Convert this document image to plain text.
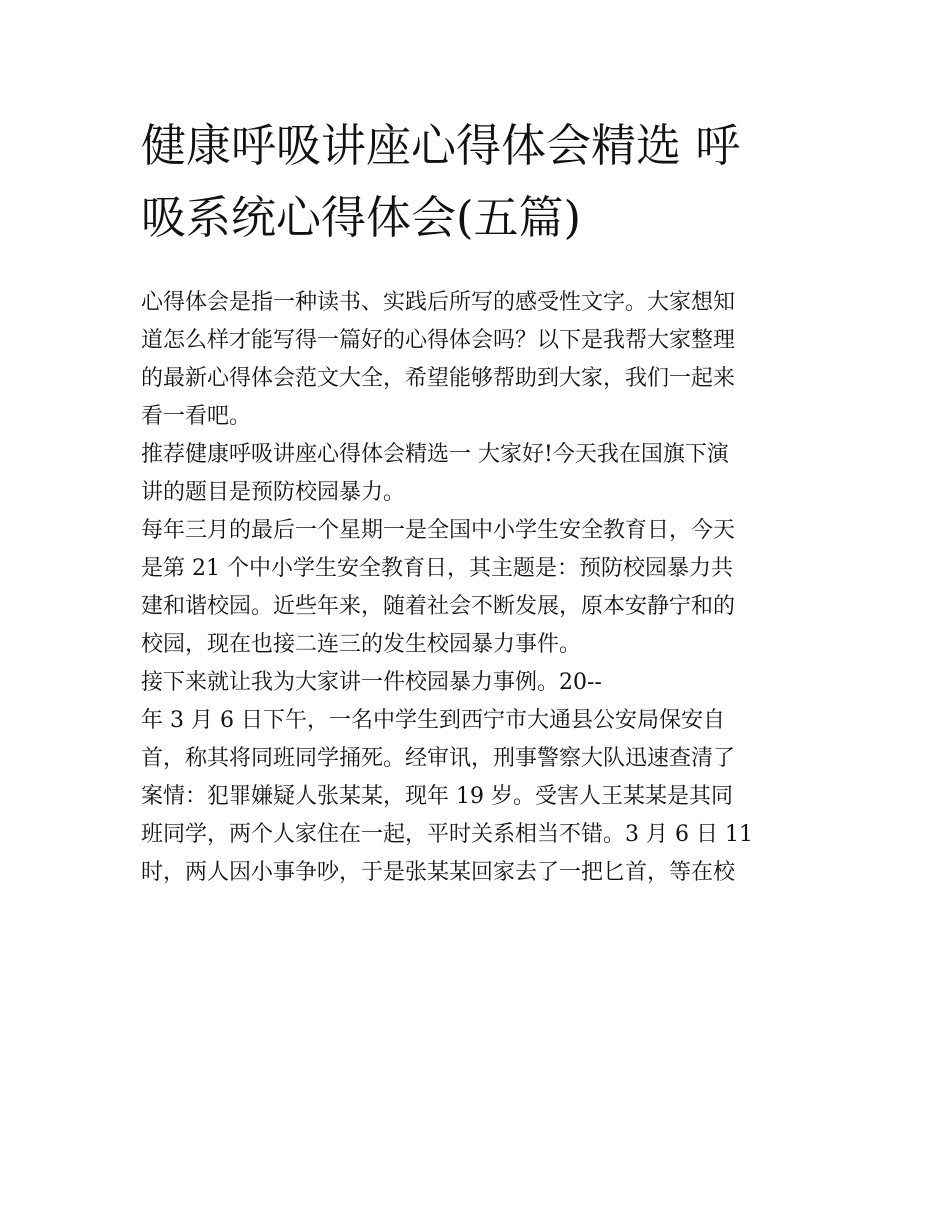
健康呼吸讲座心得体会精选 呼
吸系统心得体会(五篇)
心得体会是指一种读书、实践后所写的感受性文字。大家想知
道怎么样才能写得一篇好的心得体会吗？以下是我帮大家整理
的最新心得体会范文大全，希望能够帮助到大家，我们一起来
看一看吧。
推荐健康呼吸讲座心得体会精选一 大家好!今天我在国旗下演
讲的题目是预防校园暴力。
每年三月的最后一个星期一是全国中小学生安全教育日，今天
是第 21 个中小学生安全教育日，其主题是：预防校园暴力共
建和谐校园。近些年来，随着社会不断发展，原本安静宁和的
校园，现在也接二连三的发生校园暴力事件。
接下来就让我为大家讲一件校园暴力事例。20--
年 3 月 6 日下午，一名中学生到西宁市大通县公安局保安自
首，称其将同班同学捅死。经审讯，刑事警察大队迅速查清了
案情：犯罪嫌疑人张某某，现年 19 岁。受害人王某某是其同
班同学，两个人家住在一起，平时关系相当不错。3 月 6 日 11
时，两人因小事争吵，于是张某某回家去了一把匕首，等在校
